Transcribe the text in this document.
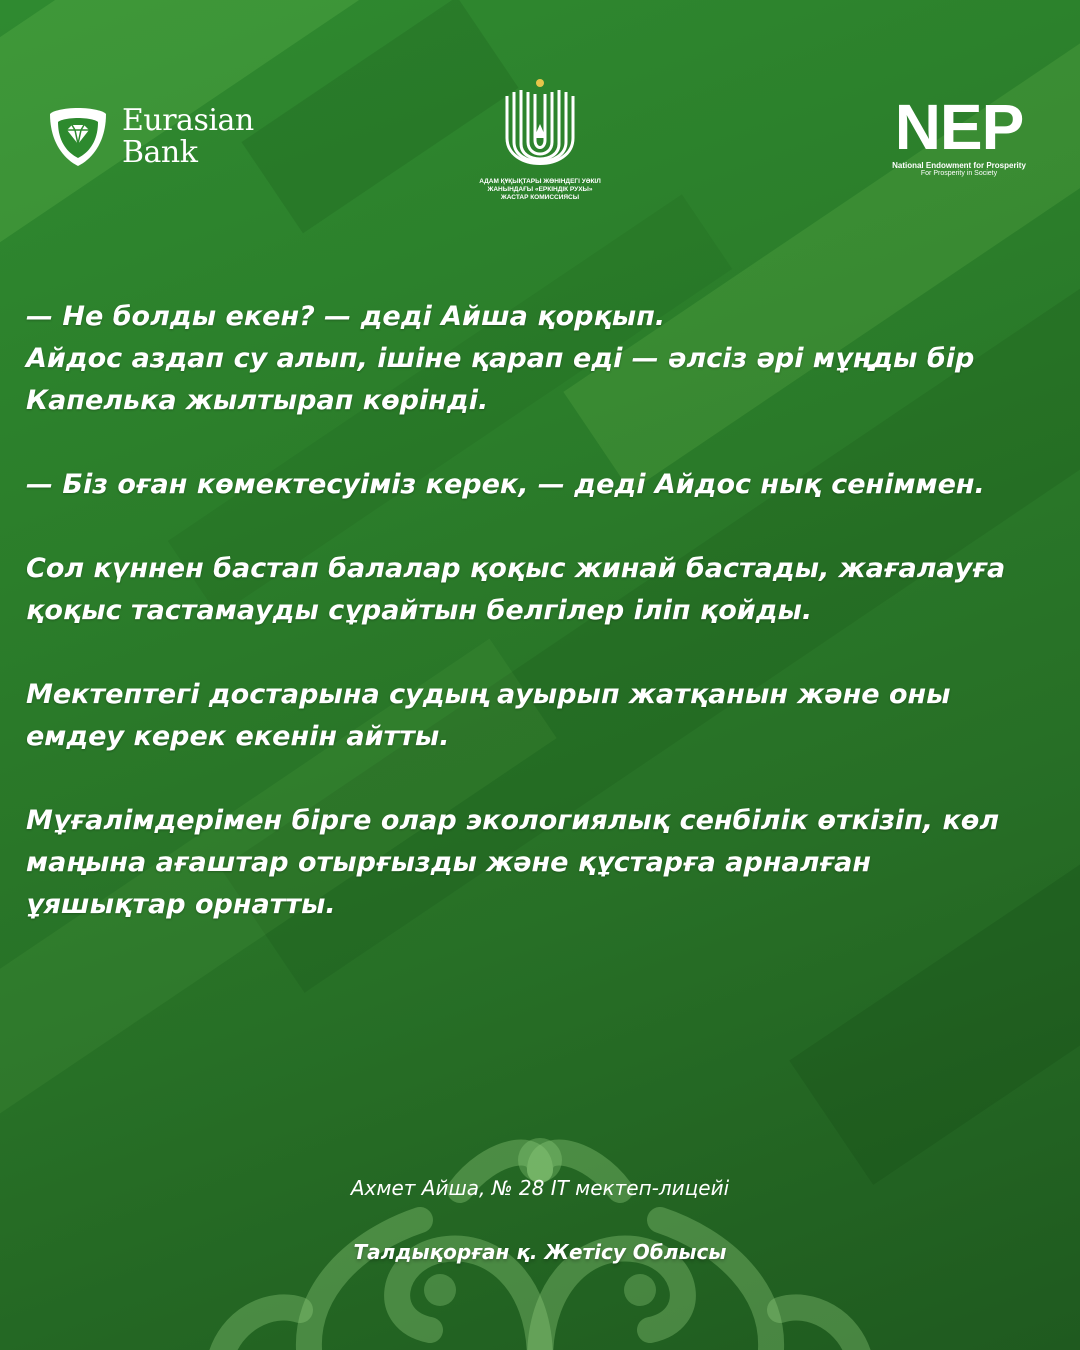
Eurasian
Bank
АДАМ ҚҰҚЫҚТАРЫ ЖӨНІНДЕГІ УӘКІЛ
ЖАНЫНДАҒЫ «ЕРКІНДІК РУХЫ»
ЖАСТАР КОМИССИЯСЫ
NEP
National Endowment for Prosperity
For Prosperity in Society

— Не болды екен? — деді Айша қорқып.
Айдос аздап су алып, ішіне қарап еді — әлсіз әрі мұңды бір
Капелька жылтырап көрінді.

— Біз оған көмектесуіміз керек, — деді Айдос нық сеніммен.

Сол күннен бастап балалар қоқыс жинай бастады, жағалауға
қоқыс тастамауды сұрайтын белгілер іліп қойды.

Мектептегі достарына судың ауырып жатқанын және оны
емдеу керек екенін айтты.

Мұғалімдерімен бірге олар экологиялық сенбілік өткізіп, көл
маңына ағаштар отырғызды және құстарға арналған
ұяшықтар орнатты.

Ахмет Айша, № 28 IT мектеп-лицейі
Талдықорған қ. Жетісу Облысы
